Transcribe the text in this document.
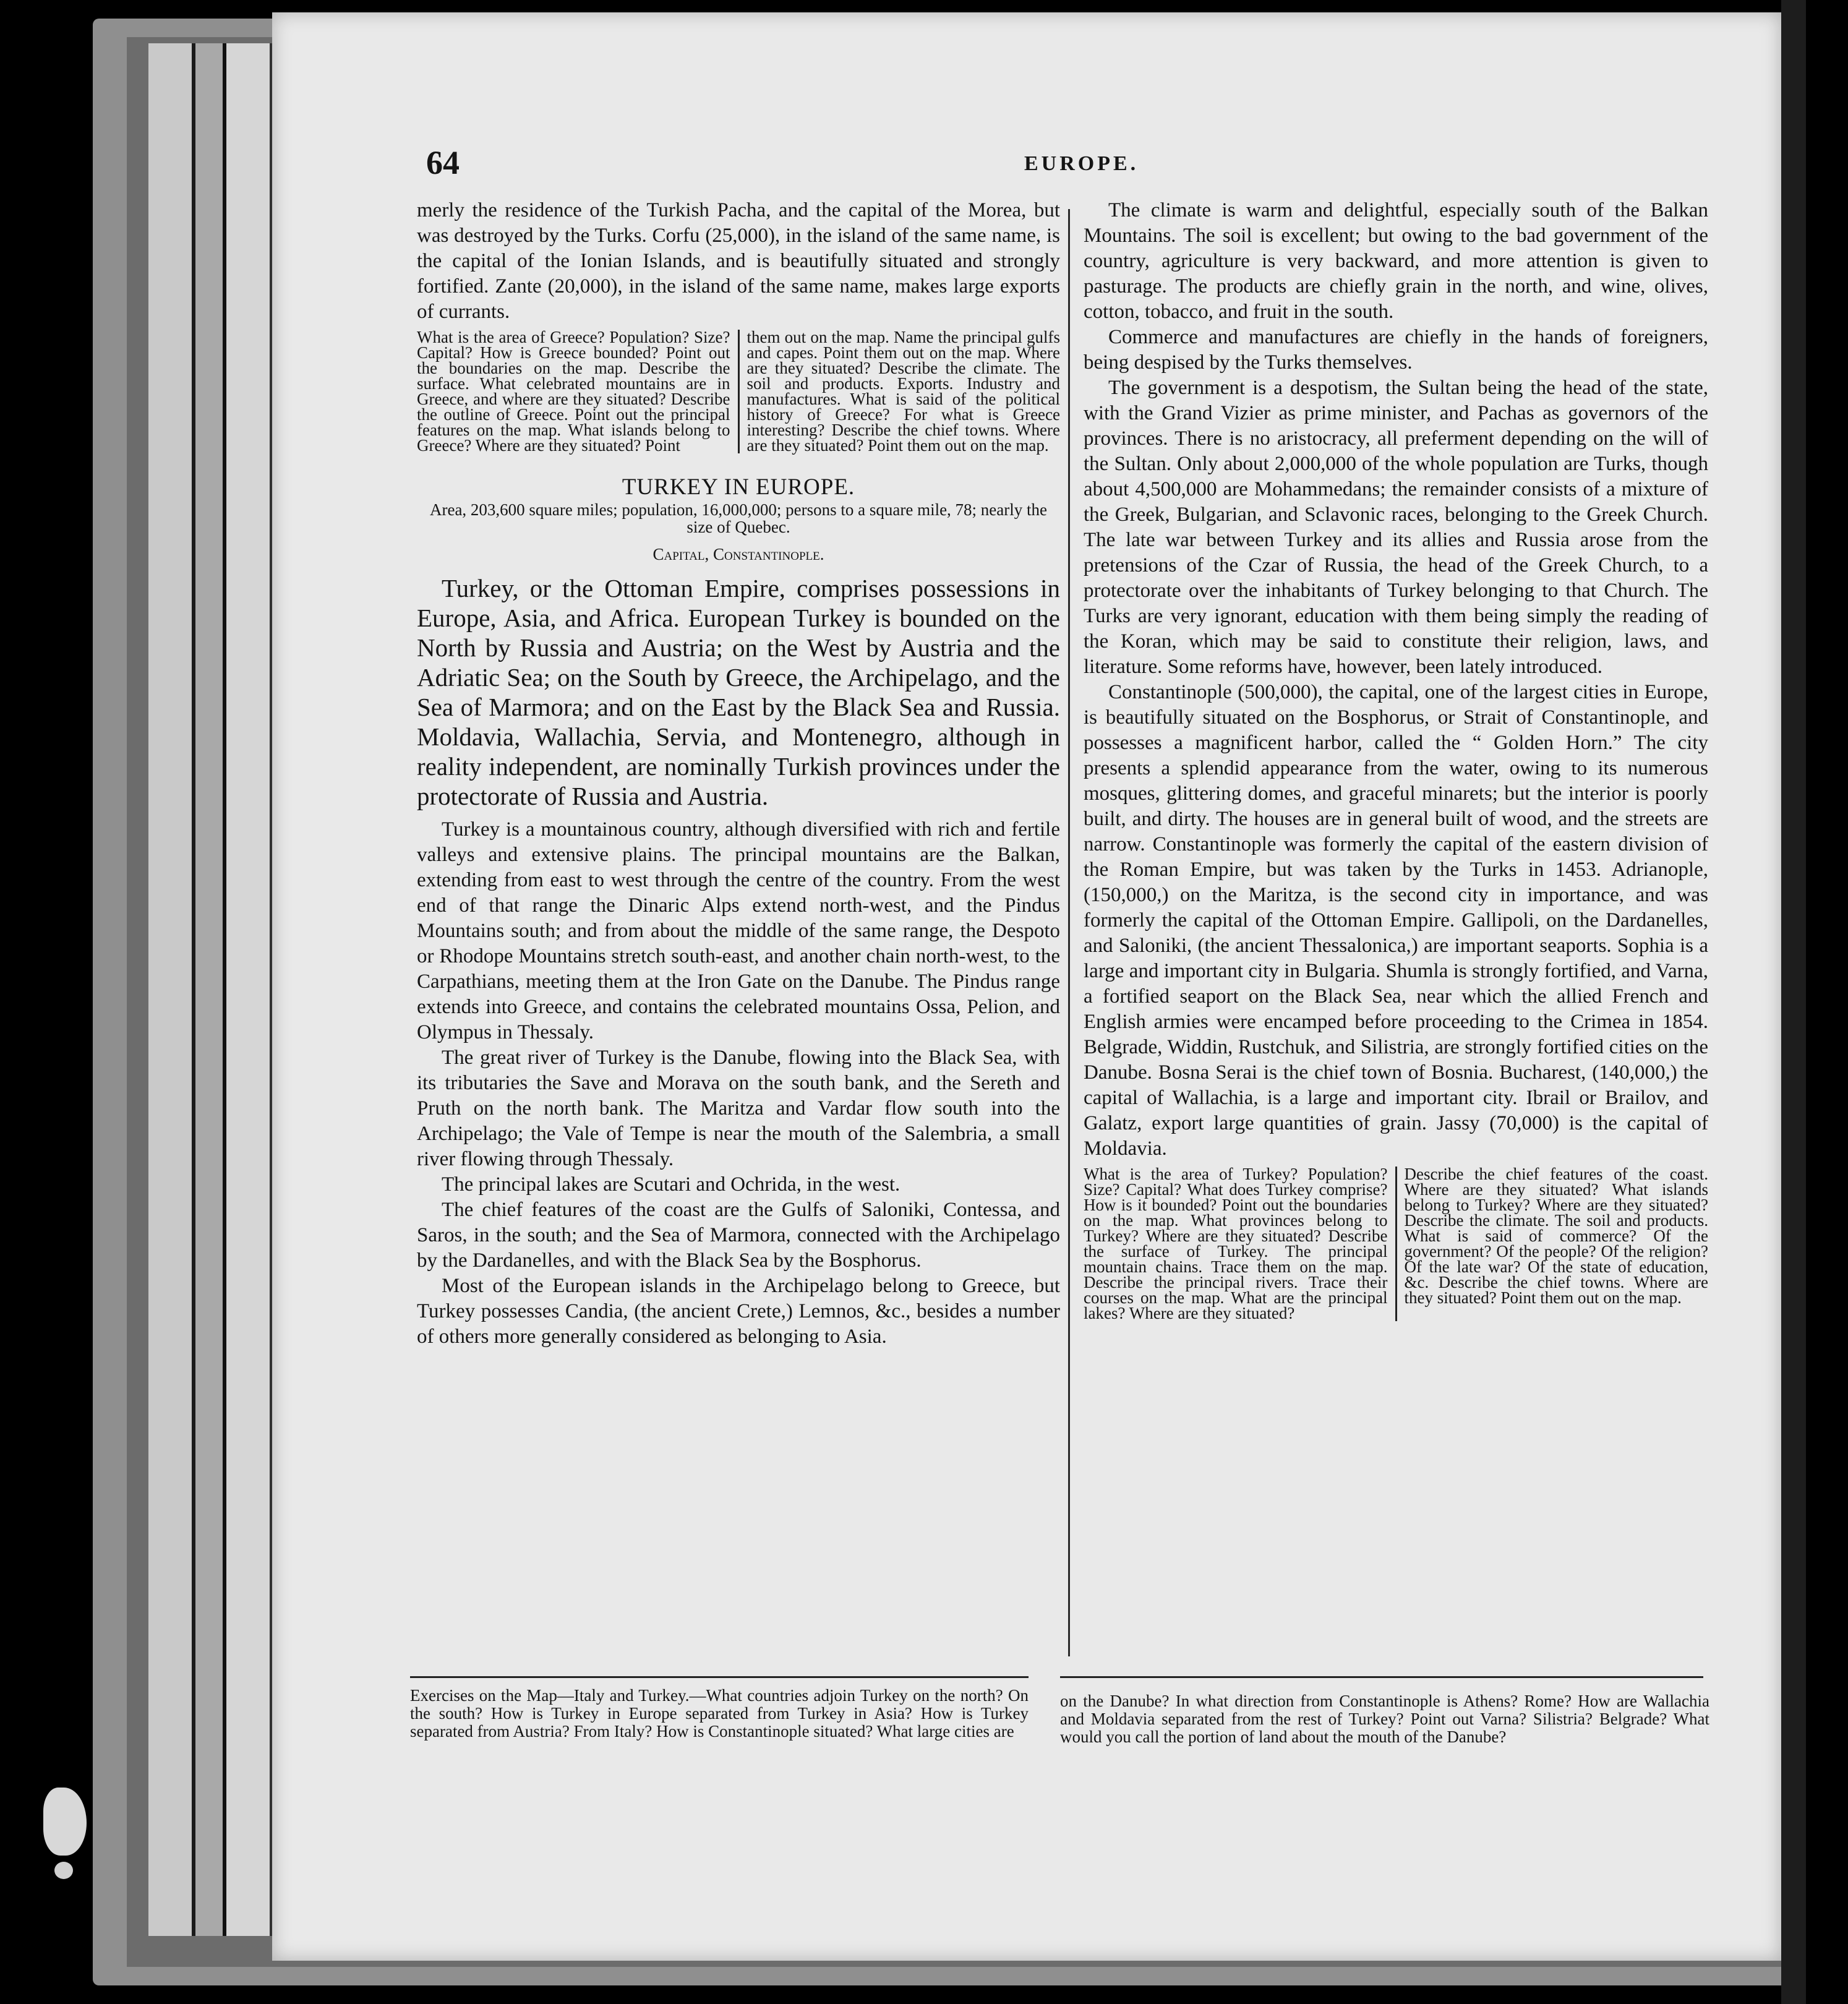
64	EUROPE.

merly the residence of the Turkish Pacha, and the capital of the Morea, but was destroyed by the Turks. Corfu (25,000), in the island of the same name, is the capital of the Ionian Islands, and is beautifully situated and strongly fortified. Zante (20,000), in the island of the same name, makes large exports of currants.

What is the area of Greece? Population? Size? Capital? How is Greece bounded? Point out the boundaries on the map. Describe the surface. What celebrated mountains are in Greece, and where are they situated? Describe the outline of Greece. Point out the principal features on the map. What islands belong to Greece? Where are they situated? Point
them out on the map. Name the principal gulfs and capes. Point them out on the map. Where are they situated? Describe the climate. The soil and products. Exports. Industry and manufactures. What is said of the political history of Greece? For what is Greece interesting? Describe the chief towns. Where are they situated? Point them out on the map.
TURKEY IN EUROPE.
Area, 203,600 square miles; population, 16,000,000; persons to a square mile, 78; nearly the size of Quebec.
Capital, Constantinople.

Turkey, or the Ottoman Empire, comprises possessions in Europe, Asia, and Africa. European Turkey is bounded on the North by Russia and Austria; on the West by Austria and the Adriatic Sea; on the South by Greece, the Archipelago, and the Sea of Marmora; and on the East by the Black Sea and Russia. Moldavia, Wallachia, Servia, and Montenegro, although in reality independent, are nominally Turkish provinces under the protectorate of Russia and Austria.

Turkey is a mountainous country, although diversified with rich and fertile valleys and extensive plains. The principal mountains are the Balkan, extending from east to west through the centre of the country. From the west end of that range the Dinaric Alps extend north-west, and the Pindus Mountains south; and from about the middle of the same range, the Despoto or Rhodope Mountains stretch south-east, and another chain north-west, to the Carpathians, meeting them at the Iron Gate on the Danube. The Pindus range extends into Greece, and contains the celebrated mountains Ossa, Pelion, and Olympus in Thessaly.

The great river of Turkey is the Danube, flowing into the Black Sea, with its tributaries the Save and Morava on the south bank, and the Sereth and Pruth on the north bank. The Maritza and Vardar flow south into the Archipelago; the Vale of Tempe is near the mouth of the Salembria, a small river flowing through Thessaly.

The principal lakes are Scutari and Ochrida, in the west.

The chief features of the coast are the Gulfs of Saloniki, Contessa, and Saros, in the south; and the Sea of Marmora, connected with the Archipelago by the Dardanelles, and with the Black Sea by the Bosphorus.

Most of the European islands in the Archipelago belong to Greece, but Turkey possesses Candia, (the ancient Crete,) Lemnos, &c., besides a number of others more generally considered as belonging to Asia.

The climate is warm and delightful, especially south of the Balkan Mountains. The soil is excellent; but owing to the bad government of the country, agriculture is very backward, and more attention is given to pasturage. The products are chiefly grain in the north, and wine, olives, cotton, tobacco, and fruit in the south.

Commerce and manufactures are chiefly in the hands of foreigners, being despised by the Turks themselves.

The government is a despotism, the Sultan being the head of the state, with the Grand Vizier as prime minister, and Pachas as governors of the provinces. There is no aristocracy, all preferment depending on the will of the Sultan. Only about 2,000,000 of the whole population are Turks, though about 4,500,000 are Mohammedans; the remainder consists of a mixture of the Greek, Bulgarian, and Sclavonic races, belonging to the Greek Church. The late war between Turkey and its allies and Russia arose from the pretensions of the Czar of Russia, the head of the Greek Church, to a protectorate over the inhabitants of Turkey belonging to that Church. The Turks are very ignorant, education with them being simply the reading of the Koran, which may be said to constitute their religion, laws, and literature. Some reforms have, however, been lately introduced.

Constantinople (500,000), the capital, one of the largest cities in Europe, is beautifully situated on the Bosphorus, or Strait of Constantinople, and possesses a magnificent harbor, called the “ Golden Horn.” The city presents a splendid appearance from the water, owing to its numerous mosques, glittering domes, and graceful minarets; but the interior is poorly built, and dirty. The houses are in general built of wood, and the streets are narrow. Constantinople was formerly the capital of the eastern division of the Roman Empire, but was taken by the Turks in 1453. Adrianople, (150,000,) on the Maritza, is the second city in importance, and was formerly the capital of the Ottoman Empire. Gallipoli, on the Dardanelles, and Saloniki, (the ancient Thessalonica,) are important seaports. Sophia is a large and important city in Bulgaria. Shumla is strongly fortified, and Varna, a fortified seaport on the Black Sea, near which the allied French and English armies were encamped before proceeding to the Crimea in 1854. Belgrade, Widdin, Rustchuk, and Silistria, are strongly fortified cities on the Danube. Bosna Serai is the chief town of Bosnia. Bucharest, (140,000,) the capital of Wallachia, is a large and important city. Ibrail or Brailov, and Galatz, export large quantities of grain. Jassy (70,000) is the capital of Moldavia.

What is the area of Turkey? Population? Size? Capital? What does Turkey comprise? How is it bounded? Point out the boundaries on the map. What provinces belong to Turkey? Where are they situated? Describe the surface of Turkey. The principal mountain chains. Trace them on the map. Describe the principal rivers. Trace their courses on the map. What are the principal lakes? Where are they situated?
Describe the chief features of the coast. Where are they situated? What islands belong to Turkey? Where are they situated? Describe the climate. The soil and products. What is said of commerce? Of the government? Of the people? Of the religion? Of the late war? Of the state of education, &c. Describe the chief towns. Where are they situated? Point them out on the map.
Exercises on the Map—Italy and Turkey.—What countries adjoin Turkey on the north? On the south? How is Turkey in Europe separated from Turkey in Asia? How is Turkey separated from Austria? From Italy? How is Constantinople situated? What large cities are
on the Danube? In what direction from Constantinople is Athens? Rome? How are Wallachia and Moldavia separated from the rest of Turkey? Point out Varna? Silistria? Belgrade? What would you call the portion of land about the mouth of the Danube?
